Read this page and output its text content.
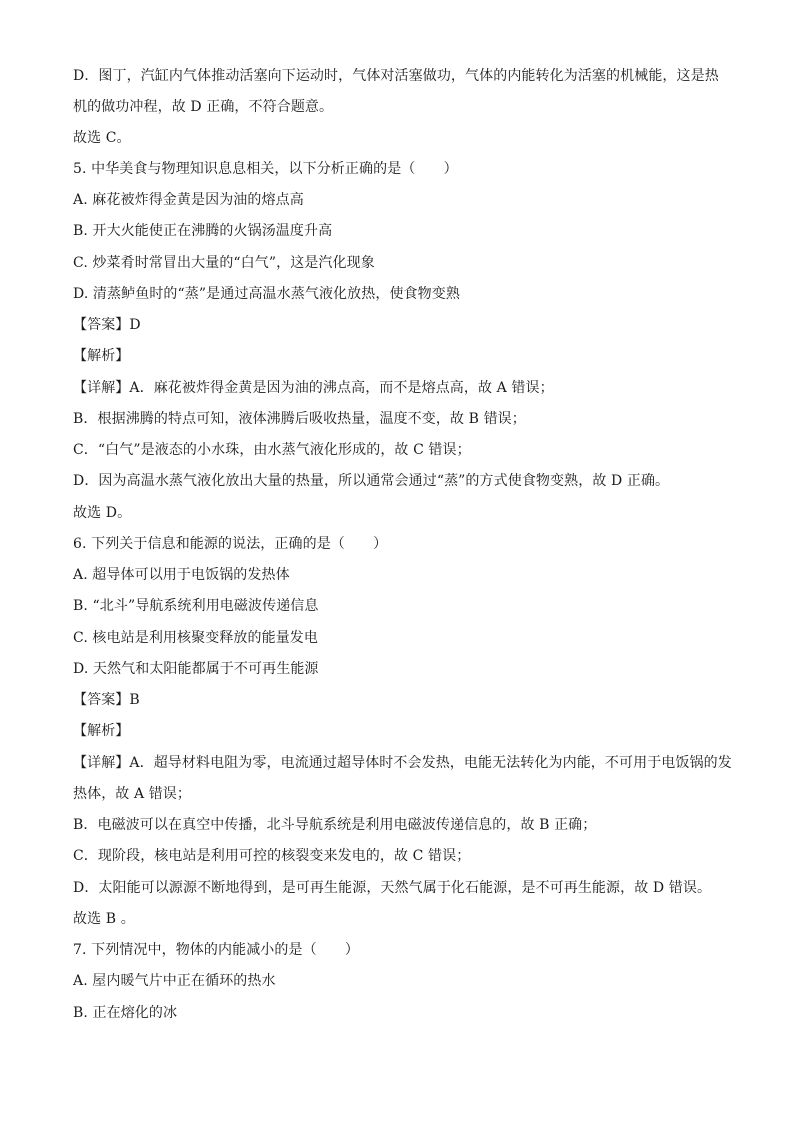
D．图丁，汽缸内气体推动活塞向下运动时，气体对活塞做功，气体的内能转化为活塞的机械能，这是热
机的做功冲程，故 D 正确，不符合题意。
故选 C。
5. 中华美食与物理知识息息相关，以下分析正确的是（　　）
A. 麻花被炸得金黄是因为油的熔点高
B. 开大火能使正在沸腾的火锅汤温度升高
C. 炒菜肴时常冒出大量的“白气”，这是汽化现象
D. 清蒸鲈鱼时的“蒸”是通过高温水蒸气液化放热，使食物变熟
【答案】D
【解析】
【详解】A．麻花被炸得金黄是因为油的沸点高，而不是熔点高，故 A 错误；
B．根据沸腾的特点可知，液体沸腾后吸收热量，温度不变，故 B 错误；
C．“白气”是液态的小水珠，由水蒸气液化形成的，故 C 错误；
D．因为高温水蒸气液化放出大量的热量，所以通常会通过“蒸”的方式使食物变熟，故 D 正确。
故选 D。
6. 下列关于信息和能源的说法，正确的是（　　）
A. 超导体可以用于电饭锅的发热体
B. “北斗”导航系统利用电磁波传递信息
C. 核电站是利用核聚变释放的能量发电
D. 天然气和太阳能都属于不可再生能源
【答案】B
【解析】
【详解】A．超导材料电阻为零，电流通过超导体时不会发热，电能无法转化为内能，不可用于电饭锅的发
热体，故 A 错误；
B．电磁波可以在真空中传播，北斗导航系统是利用电磁波传递信息的，故 B 正确；
C．现阶段，核电站是利用可控的核裂变来发电的，故 C 错误；
D．太阳能可以源源不断地得到，是可再生能源，天然气属于化石能源，是不可再生能源，故 D 错误。
故选 B 。
7. 下列情况中，物体的内能减小的是（　　）
A. 屋内暖气片中正在循环的热水
B. 正在熔化的冰
